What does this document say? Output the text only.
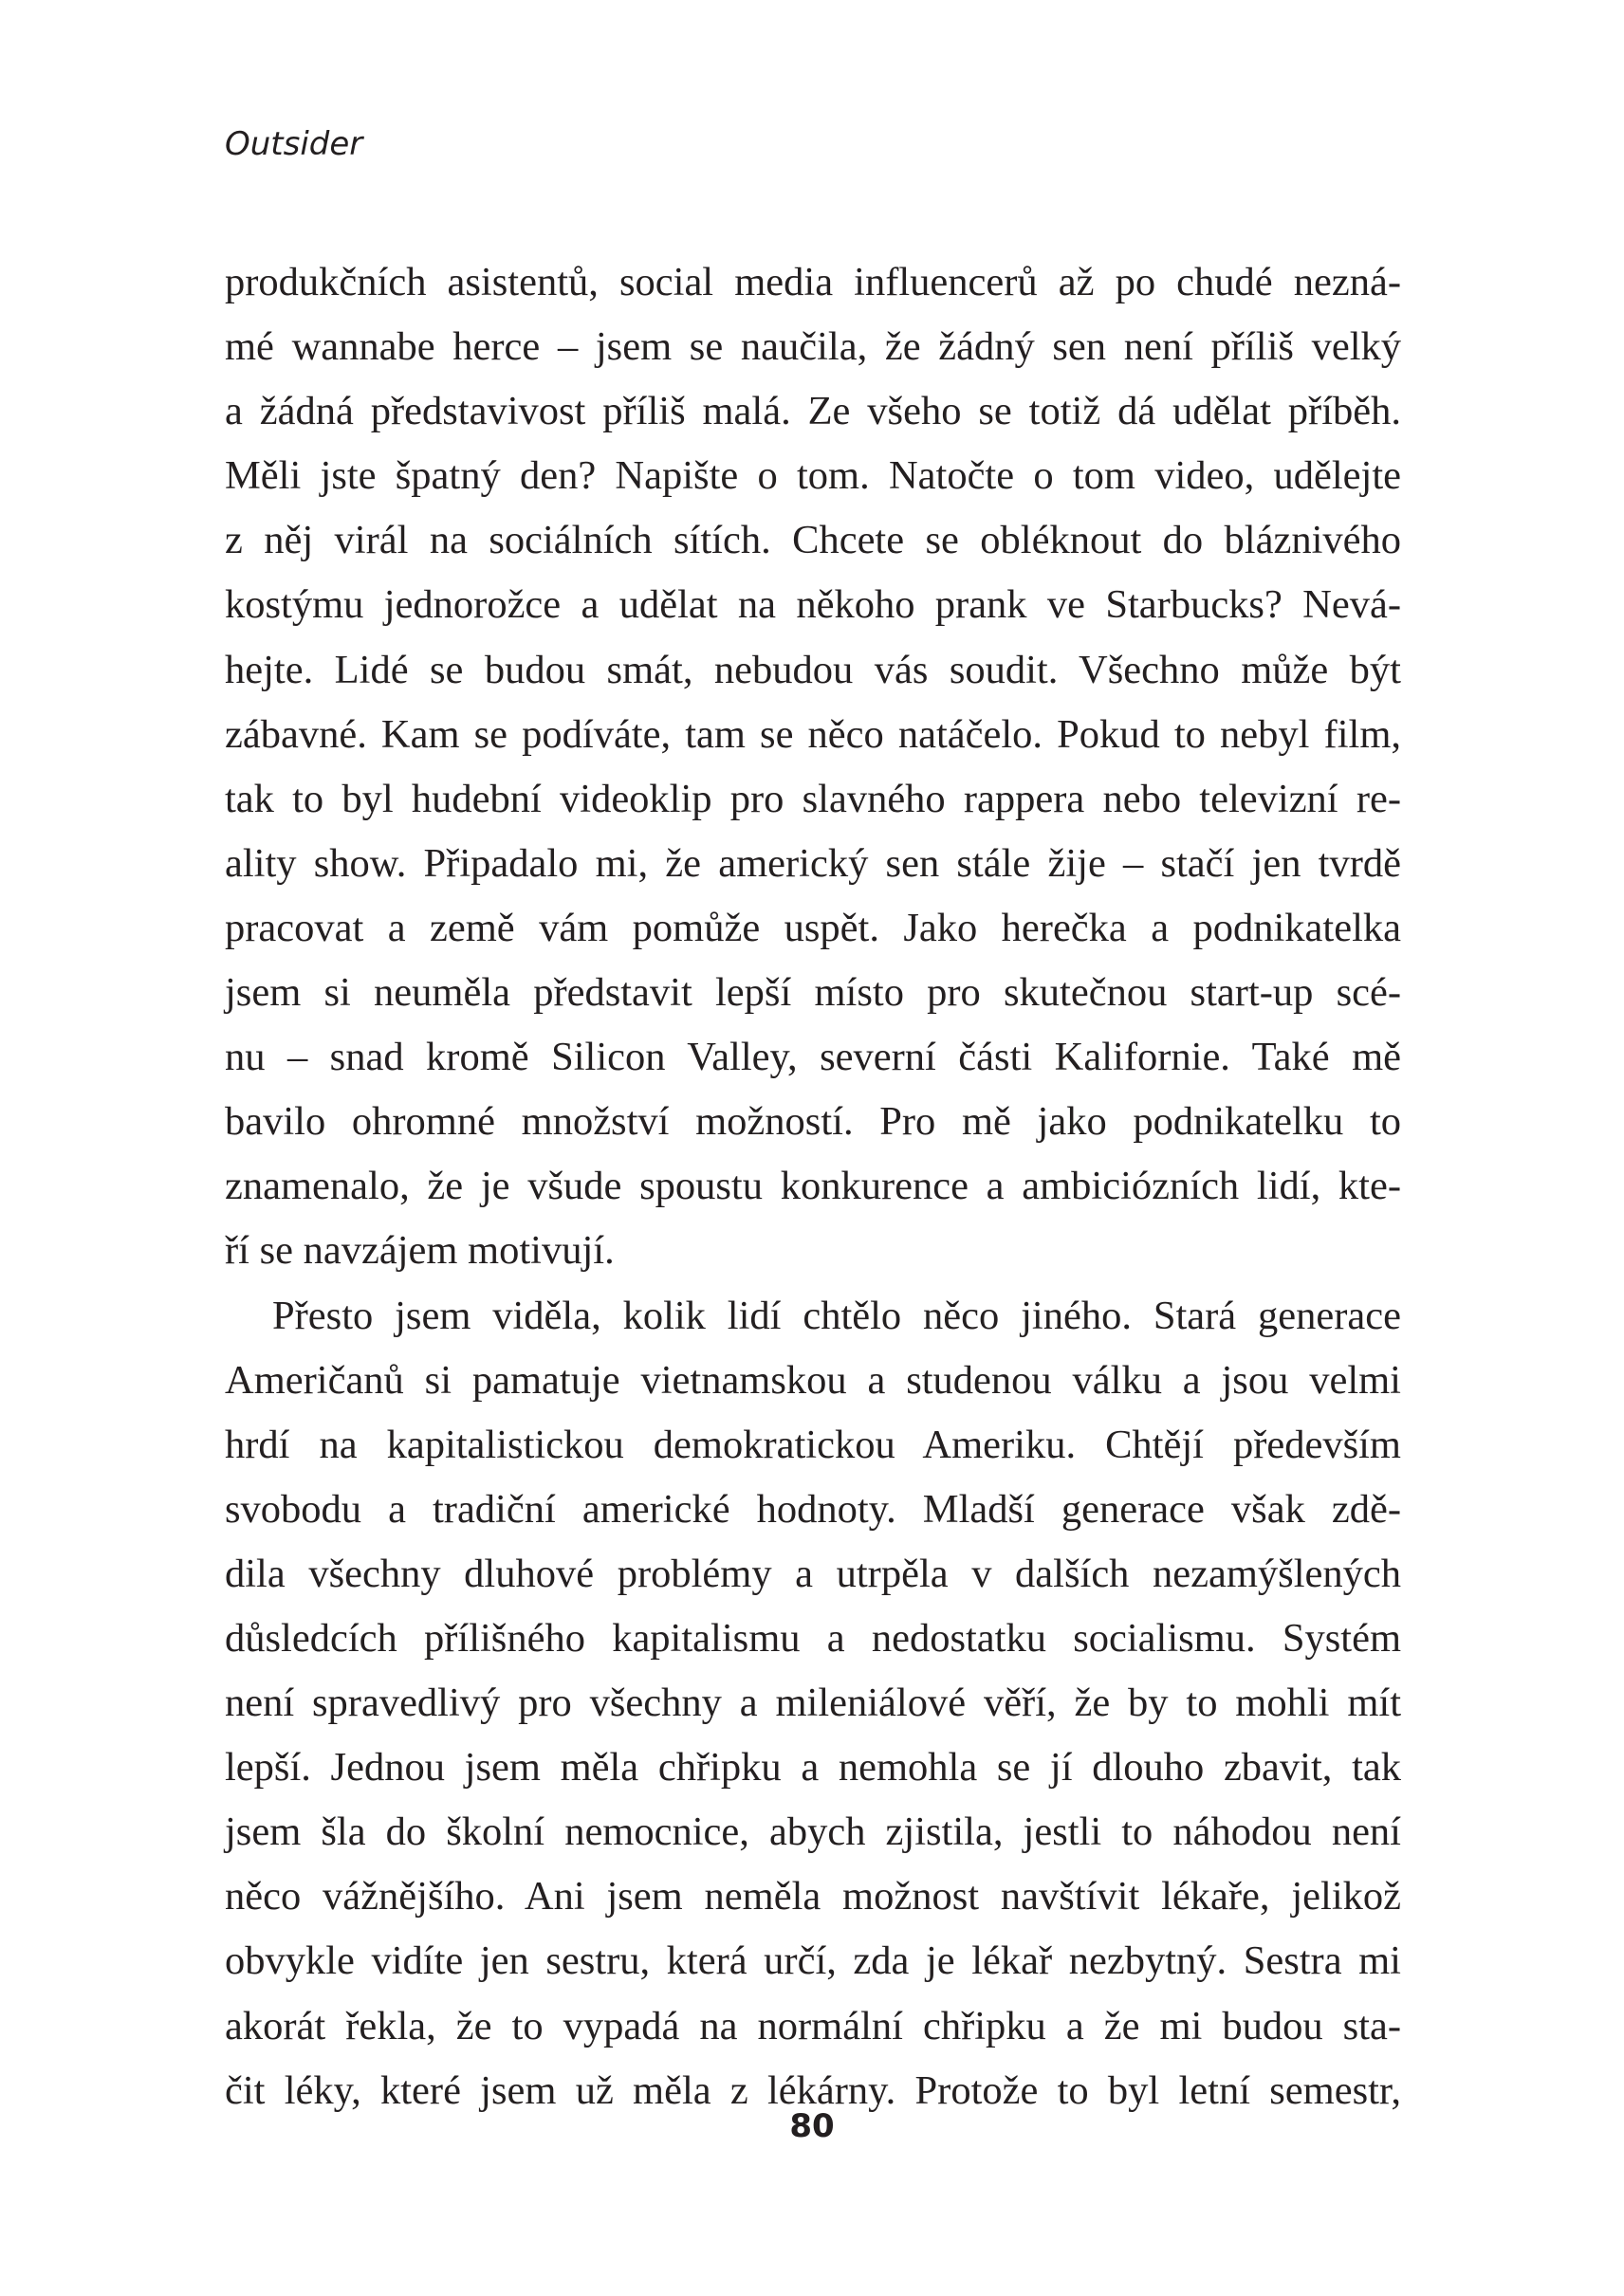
Outsider
produkčních asistentů, social media influencerů až po chudé nezná-
mé wannabe herce – jsem se naučila, že žádný sen není příliš velký
a žádná představivost příliš malá. Ze všeho se totiž dá udělat příběh.
Měli jste špatný den? Napište o tom. Natočte o tom video, udělejte
z něj virál na sociálních sítích. Chcete se obléknout do bláznivého
kostýmu jednorožce a udělat na někoho prank ve Starbucks? Nevá-
hejte. Lidé se budou smát, nebudou vás soudit. Všechno může být
zábavné. Kam se podíváte, tam se něco natáčelo. Pokud to nebyl film,
tak to byl hudební videoklip pro slavného rappera nebo televizní re-
ality show. Připadalo mi, že americký sen stále žije – stačí jen tvrdě
pracovat a země vám pomůže uspět. Jako herečka a podnikatelka
jsem si neuměla představit lepší místo pro skutečnou start-up scé-
nu – snad kromě Silicon Valley, severní části Kalifornie. Také mě
bavilo ohromné množství možností. Pro mě jako podnikatelku to
znamenalo, že je všude spoustu konkurence a ambiciózních lidí, kte-
ří se navzájem motivují.
Přesto jsem viděla, kolik lidí chtělo něco jiného. Stará generace
Američanů si pamatuje vietnamskou a studenou válku a jsou velmi
hrdí na kapitalistickou demokratickou Ameriku. Chtějí především
svobodu a tradiční americké hodnoty. Mladší generace však zdě-
dila všechny dluhové problémy a utrpěla v dalších nezamýšlených
důsledcích přílišného kapitalismu a nedostatku socialismu. Systém
není spravedlivý pro všechny a mileniálové věří, že by to mohli mít
lepší. Jednou jsem měla chřipku a nemohla se jí dlouho zbavit, tak
jsem šla do školní nemocnice, abych zjistila, jestli to náhodou není
něco vážnějšího. Ani jsem neměla možnost navštívit lékaře, jelikož
obvykle vidíte jen sestru, která určí, zda je lékař nezbytný. Sestra mi
akorát řekla, že to vypadá na normální chřipku a že mi budou sta-
čit léky, které jsem už měla z lékárny. Protože to byl letní semestr,
80
